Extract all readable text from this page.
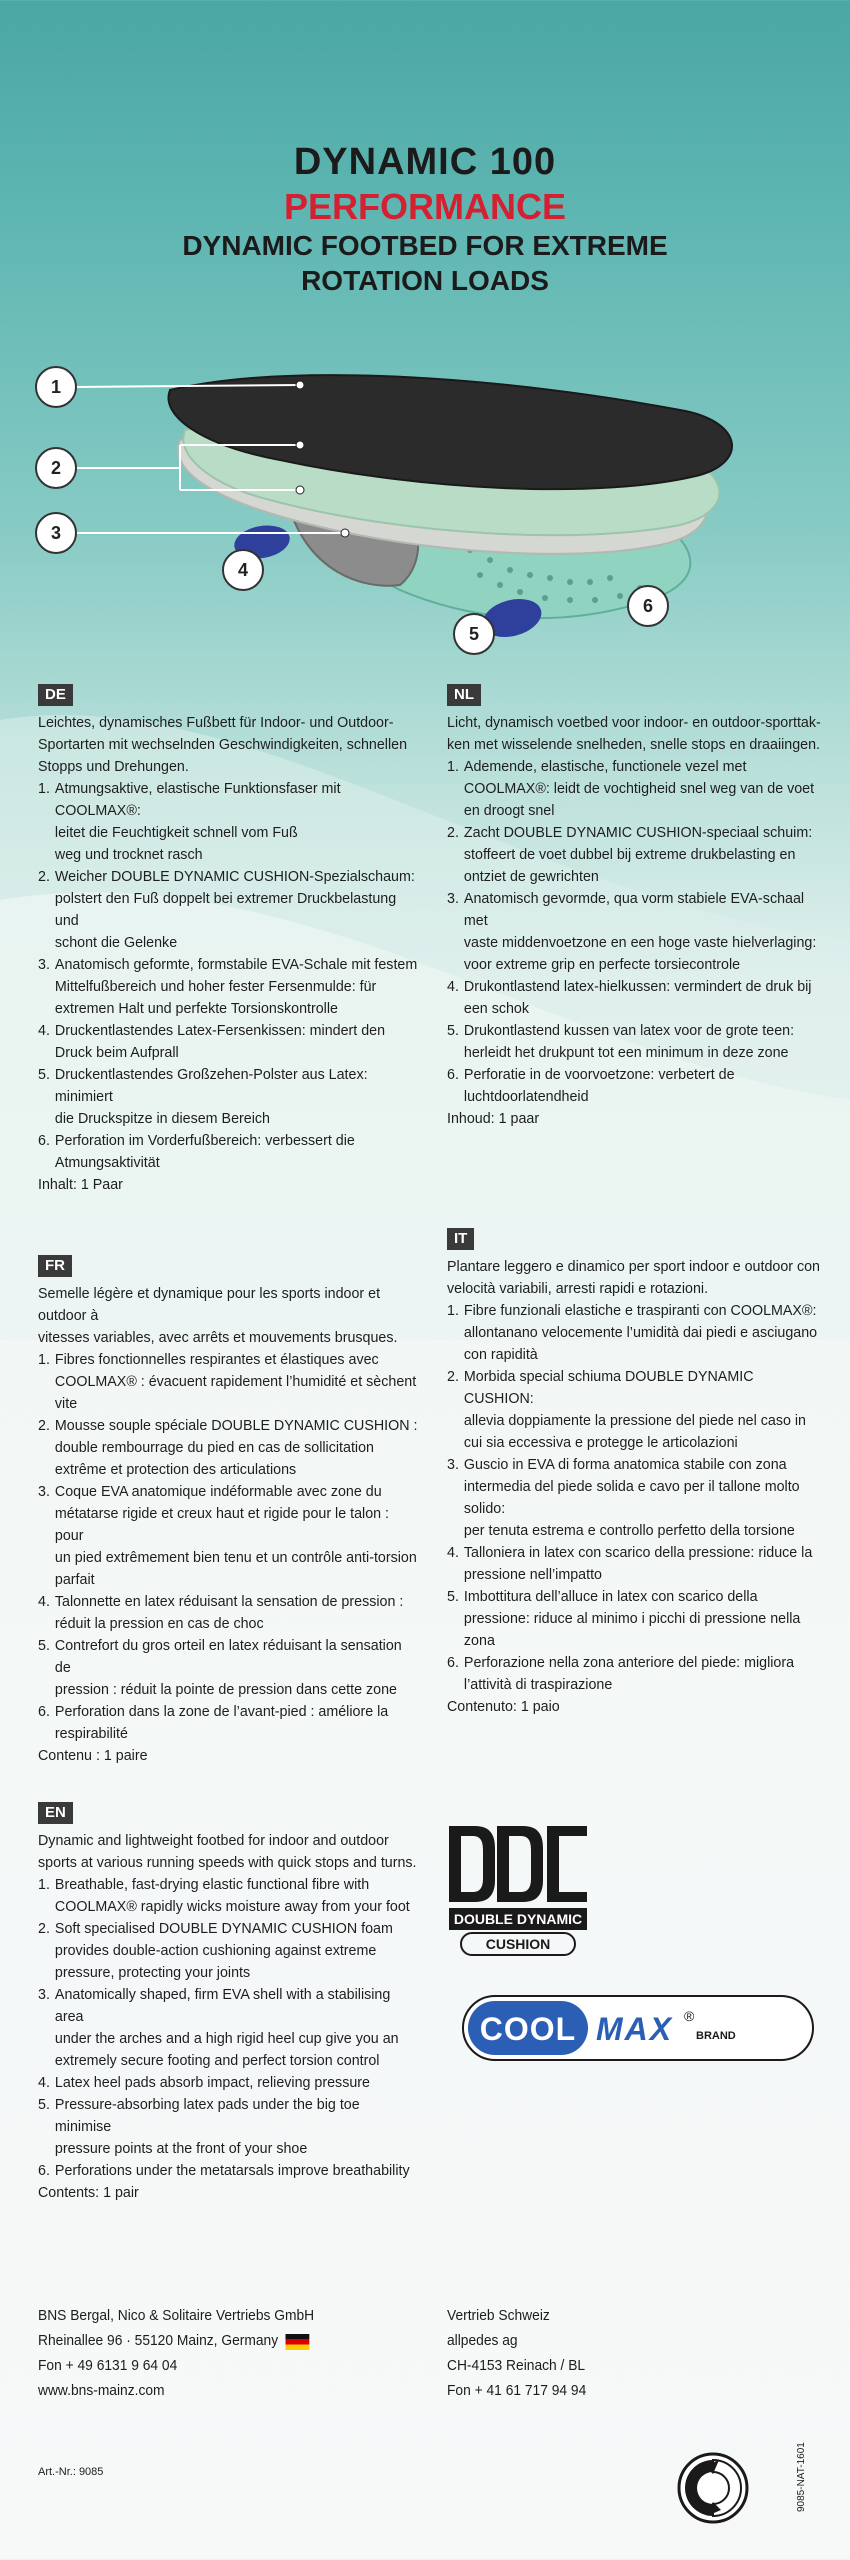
DYNAMIC 100
PERFORMANCE
DYNAMIC FOOTBED FOR EXTREME
ROTATION LOADS
1
2
3
4
5
6
DE

Leichtes, dynamisches Fußbett für Indoor- und Outdoor-

Sportarten mit wechselnden Geschwindigkeiten, schnellen

Stopps und Drehungen.

1. Atmungsaktive, elastische Funktionsfaser mit COOLMAX®:

leitet die Feuchtigkeit schnell vom Fuß

weg und trocknet rasch

2. Weicher DOUBLE DYNAMIC CUSHION-Spezialschaum:

polstert den Fuß doppelt bei extremer Druckbelastung und

schont die Gelenke

3. Anatomisch geformte, formstabile EVA-Schale mit festem

Mittelfußbereich und hoher fester Fersenmulde: für

extremen Halt und perfekte Torsionskontrolle

4. Druckentlastendes Latex-Fersenkissen: mindert den

Druck beim Aufprall

5. Druckentlastendes Großzehen-Polster aus Latex: minimiert

die Druckspitze in diesem Bereich

6. Perforation im Vorderfußbereich: verbessert die

Atmungsaktivität

Inhalt: 1 Paar

NL

Licht, dynamisch voetbed voor indoor- en outdoor-sporttak-

ken met wisselende snelheden, snelle stops en draaiingen.

1. Ademende, elastische, functionele vezel met

COOLMAX®: leidt de vochtigheid snel weg van de voet

en droogt snel

2. Zacht DOUBLE DYNAMIC CUSHION-speciaal schuim:

stoffeert de voet dubbel bij extreme drukbelasting en

ontziet de gewrichten

3. Anatomisch gevormde, qua vorm stabiele EVA-schaal met

vaste middenvoetzone en een hoge vaste hielverlaging:

voor extreme grip en perfecte torsiecontrole

4. Drukontlastend latex-hielkussen: vermindert de druk bij

een schok

5. Drukontlastend kussen van latex voor de grote teen:

herleidt het drukpunt tot een minimum in deze zone

6. Perforatie in de voorvoetzone: verbetert de

luchtdoorlatendheid

Inhoud: 1 paar

FR

Semelle légère et dynamique pour les sports indoor et outdoor à

vitesses variables, avec arrêts et mouvements brusques.

1. Fibres fonctionnelles respirantes et élastiques avec

COOLMAX® : évacuent rapidement l’humidité et sèchent vite

2. Mousse souple spéciale DOUBLE DYNAMIC CUSHION :

double rembourrage du pied en cas de sollicitation

extrême et protection des articulations

3. Coque EVA anatomique indéformable avec zone du

métatarse rigide et creux haut et rigide pour le talon : pour

un pied extrêmement bien tenu et un contrôle anti-torsion

parfait

4. Talonnette en latex réduisant la sensation de pression :

réduit la pression en cas de choc

5. Contrefort du gros orteil en latex réduisant la sensation de

pression : réduit la pointe de pression dans cette zone

6. Perforation dans la zone de l’avant-pied : améliore la

respirabilité

Contenu : 1 paire

IT

Plantare leggero e dinamico per sport indoor e outdoor con

velocità variabili, arresti rapidi e rotazioni.

1. Fibre funzionali elastiche e traspiranti con COOLMAX®:

allontanano velocemente l’umidità dai piedi e asciugano

con rapidità

2. Morbida special schiuma DOUBLE DYNAMIC CUSHION:

allevia doppiamente la pressione del piede nel caso in

cui sia eccessiva e protegge le articolazioni

3. Guscio in EVA di forma anatomica stabile con zona

intermedia del piede solida e cavo per il tallone molto solido:

per tenuta estrema e controllo perfetto della torsione

4. Talloniera in latex con scarico della pressione: riduce la

pressione nell’impatto

5. Imbottitura dell’alluce in latex con scarico della

pressione: riduce al minimo i picchi di pressione nella

zona

6. Perforazione nella zona anteriore del piede: migliora

l’attività di traspirazione

Contenuto: 1 paio

EN

Dynamic and lightweight footbed for indoor and outdoor

sports at various running speeds with quick stops and turns.

1. Breathable, fast-drying elastic functional fibre with

COOLMAX® rapidly wicks moisture away from your foot

2. Soft specialised DOUBLE DYNAMIC CUSHION foam

provides double-action cushioning against extreme

pressure, protecting your joints

3. Anatomically shaped, firm EVA shell with a stabilising area

under the arches and a high rigid heel cup give you an

extremely secure footing and perfect torsion control

4. Latex heel pads absorb impact, relieving pressure

5. Pressure-absorbing latex pads under the big toe minimise

pressure points at the front of your shoe

6. Perforations under the metatarsals improve breathability

Contents: 1 pair

DOUBLE DYNAMIC
CUSHION
COOL MAX ®
BRAND
BNS Bergal, Nico & Solitaire Vertriebs GmbH
Rheinallee 96 · 55120 Mainz, Germany
Fon + 49 6131 9 64 04
www.bns-mainz.com
Vertrieb Schweiz
allpedes ag
CH-4153 Reinach / BL
Fon + 41 61 717 94 94
Art.-Nr.: 9085	9085-NAT-1601
